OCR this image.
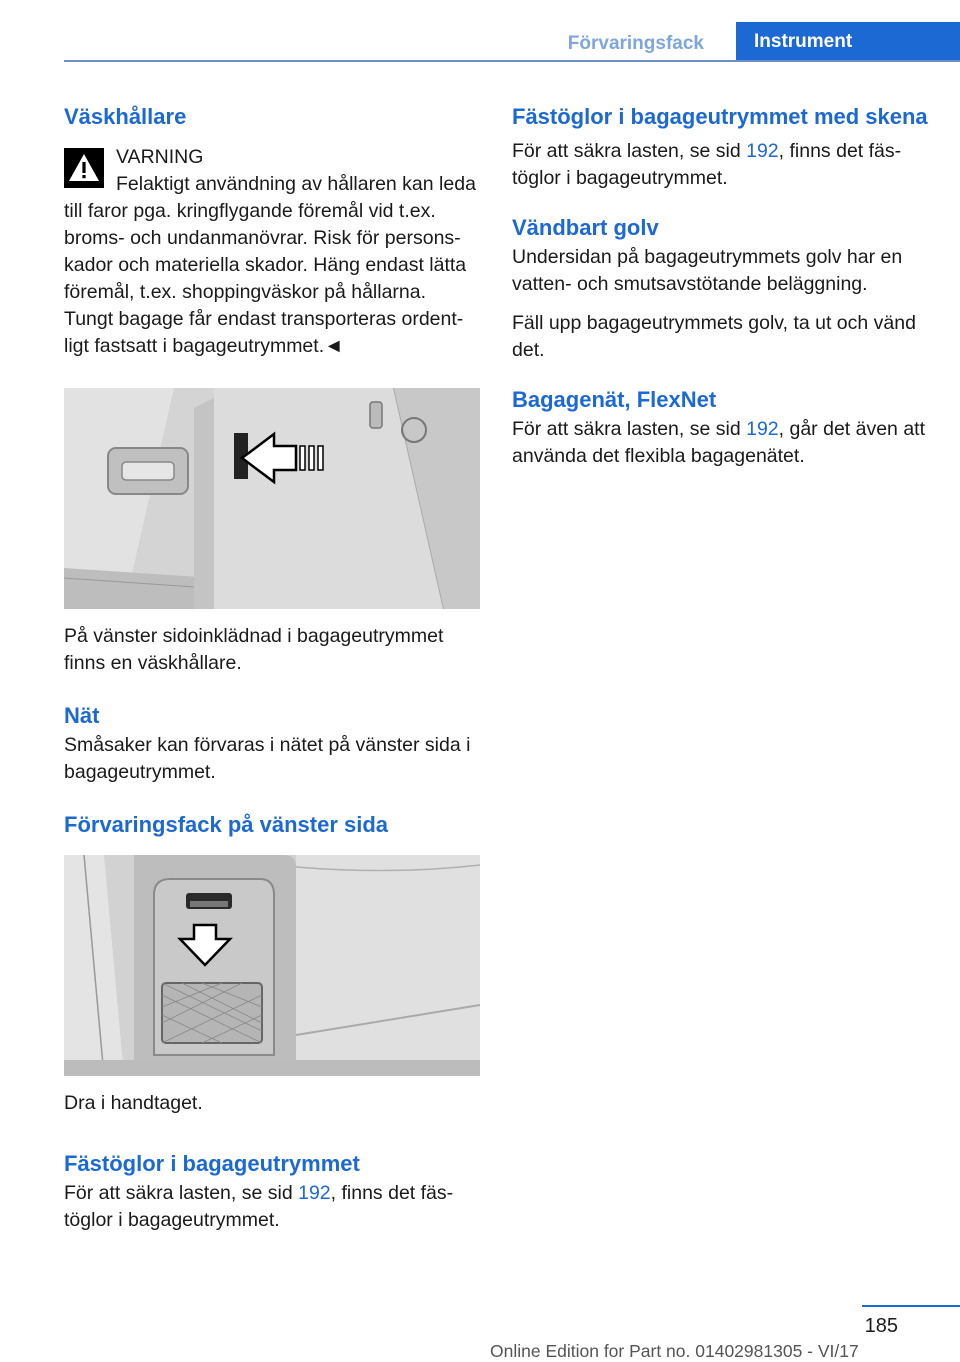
Förvaringsfack	Instrument
Väskhållare
VARNING

Felaktigt användning av hållaren kan leda till faror pga. kringflygande föremål vid t.ex. broms- och undanmanövrar. Risk för personskador och materiella skador. Häng endast lätta föremål, t.ex. shoppingväskor på hållarna. Tungt bagage får endast transporteras ordentligt fastsatt i bagageutrymmet.◄

På vänster sidoinklädnad i bagageutrymmet finns en väskhållare.

Nät

Småsaker kan förvaras i nätet på vänster sida i bagageutrymmet.

Förvaringsfack på vänster sida

Dra i handtaget.

Fästöglor i bagageutrymmet

För att säkra lasten, se sid 192, finns det fästöglor i bagageutrymmet.

Fästöglor i bagageutrymmet med skena

För att säkra lasten, se sid 192, finns det fästöglor i bagageutrymmet.

Vändbart golv

Undersidan på bagageutrymmets golv har en vatten- och smutsavstötande beläggning.

Fäll upp bagageutrymmets golv, ta ut och vänd det.

Bagagenät, FlexNet

För att säkra lasten, se sid 192, går det även att använda det flexibla bagagenätet.

185
Online Edition for Part no. 01402981305 - VI/17
